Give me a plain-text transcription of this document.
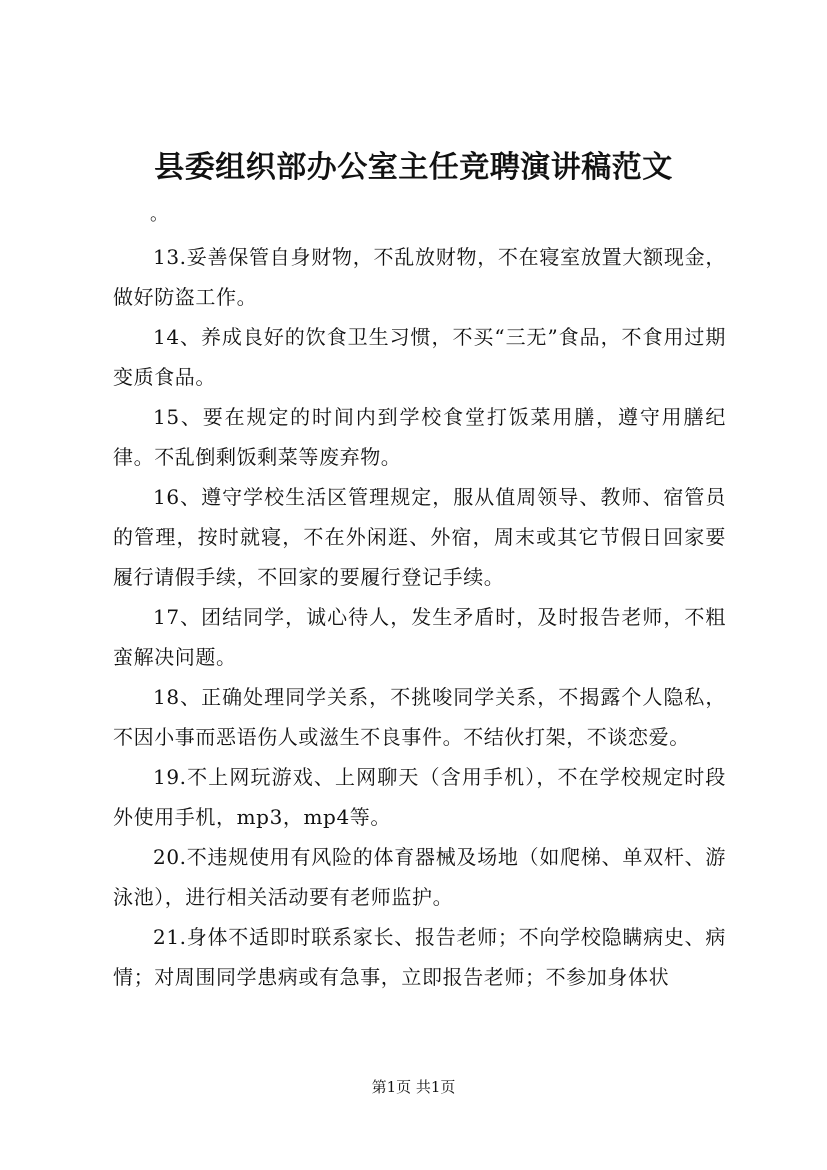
县委组织部办公室主任竞聘演讲稿范文
。

13.妥善保管自身财物，不乱放财物，不在寝室放置大额现金，做好防盗工作。

14、养成良好的饮食卫生习惯，不买“三无”食品，不食用过期变质食品。

15、要在规定的时间内到学校食堂打饭菜用膳，遵守用膳纪律。不乱倒剩饭剩菜等废弃物。

16、遵守学校生活区管理规定，服从值周领导、教师、宿管员的管理，按时就寝，不在外闲逛、外宿，周末或其它节假日回家要履行请假手续，不回家的要履行登记手续。

17、团结同学，诚心待人，发生矛盾时，及时报告老师，不粗蛮解决问题。

18、正确处理同学关系，不挑唆同学关系，不揭露个人隐私，不因小事而恶语伤人或滋生不良事件。不结伙打架，不谈恋爱。

19.不上网玩游戏、上网聊天（含用手机），不在学校规定时段外使用手机，mp3，mp4等。

20.不违规使用有风险的体育器械及场地（如爬梯、单双杆、游泳池），进行相关活动要有老师监护。

21.身体不适即时联系家长、报告老师；不向学校隐瞒病史、病情；对周围同学患病或有急事，立即报告老师；不参加身体状

第1页 共1页
